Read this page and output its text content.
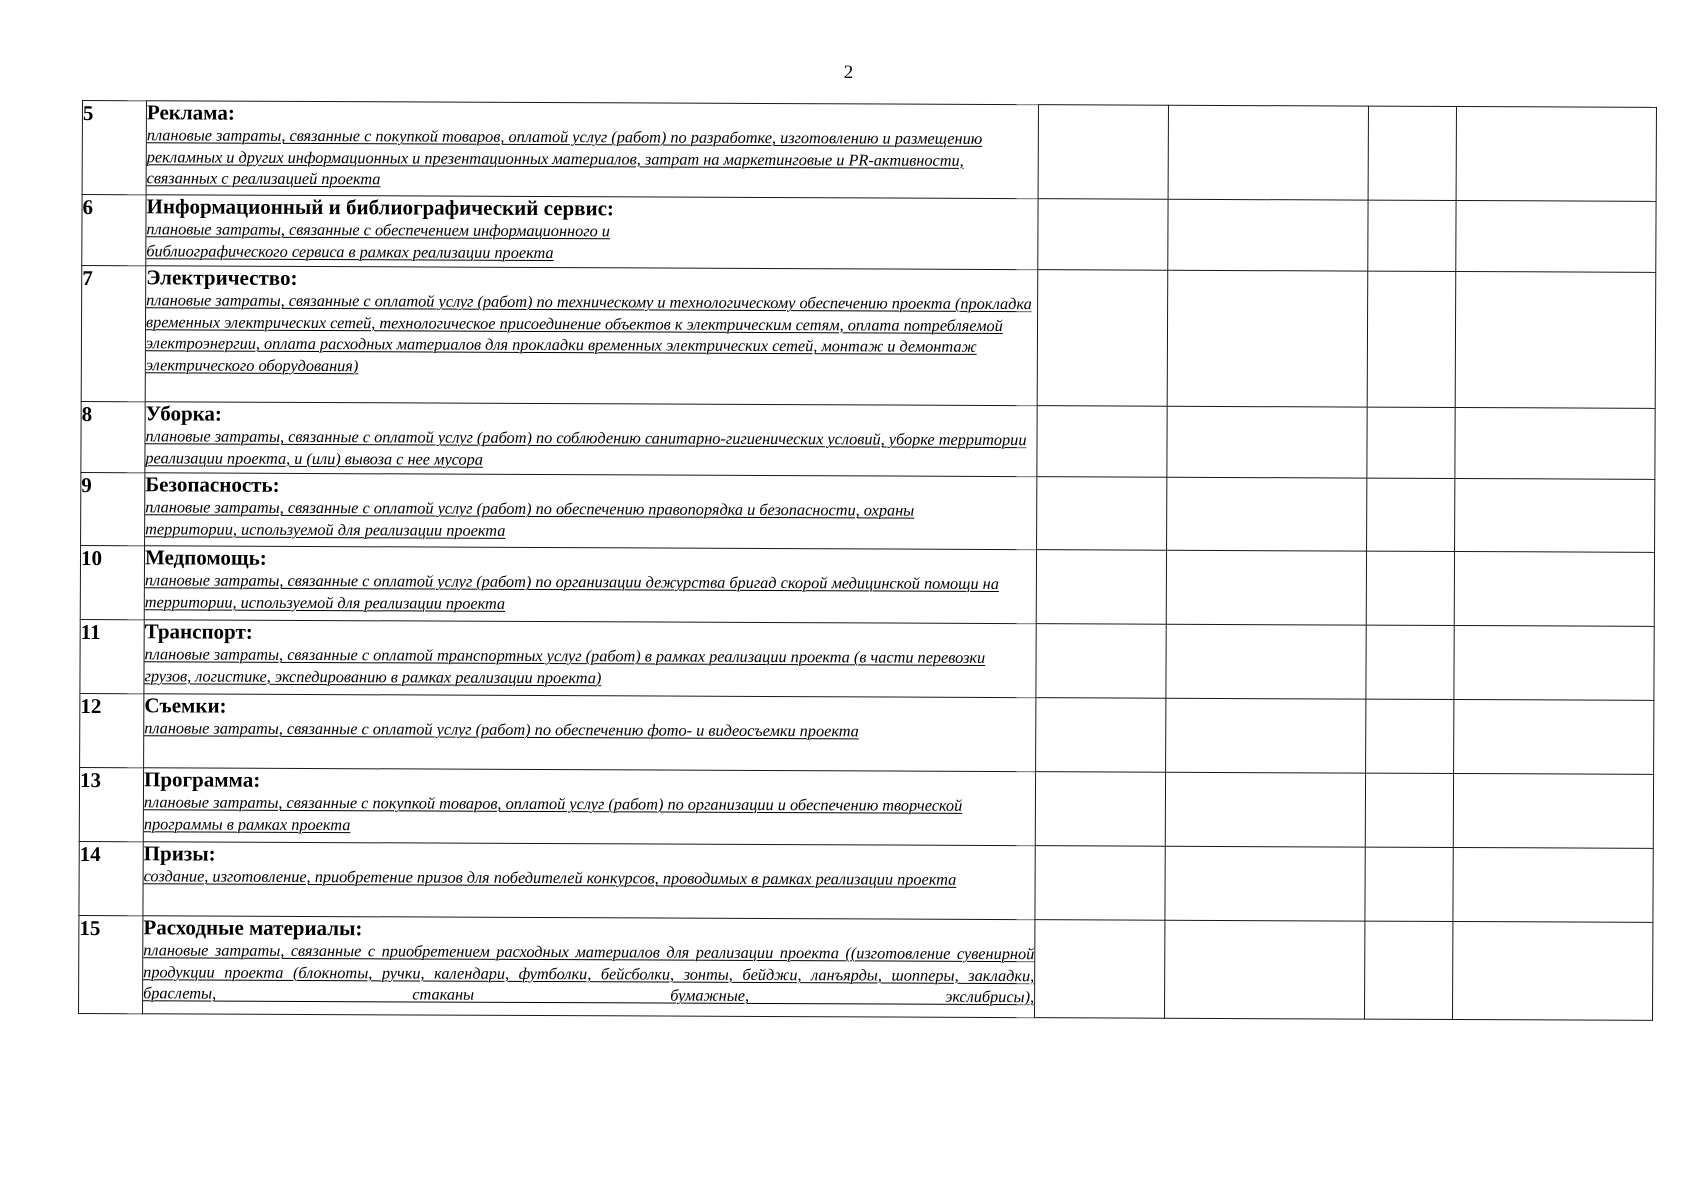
2
5	Реклама:
плановые затраты, связанные с покупкой товаров, оплатой услуг (работ) по разработке, изготовлению и размещению рекламных и других информационных и презентационных материалов, затрат на маркетинговые и PR-активности, связанных с реализацией проекта				

6	Информационный и библиографический сервис:
плановые затраты, связанные с обеспечением информационного и библиографического сервиса в рамках реализации проекта				

7	Электричество:
плановые затраты, связанные с оплатой услуг (работ) по техническому и технологическому обеспечению проекта (прокладка временных электрических сетей, технологическое присоединение объектов к электрическим сетям, оплата потребляемой электроэнергии, оплата расходных материалов для прокладки временных электрических сетей, монтаж и демонтаж электрического оборудования)				

8	Уборка:
плановые затраты, связанные с оплатой услуг (работ) по соблюдению санитарно-гигиенических условий, уборке территории реализации проекта, и (или) вывоза с нее мусора				

9	Безопасность:
плановые затраты, связанные с оплатой услуг (работ) по обеспечению правопорядка и безопасности, охраны территории, используемой для реализации проекта				

10	Медпомощь:
плановые затраты, связанные с оплатой услуг (работ) по организации дежурства бригад скорой медицинской помощи на территории, используемой для реализации проекта				

11	Транспорт:
плановые затраты, связанные с оплатой транспортных услуг (работ) в рамках реализации проекта (в части перевозки грузов, логистике, экспедированию в рамках реализации проекта)				

12	Съемки:
плановые затраты, связанные с оплатой услуг (работ) по обеспечению фото- и видеосъемки проекта				

13	Программа:
плановые затраты, связанные с покупкой товаров, оплатой услуг (работ) по организации и обеспечению творческой программы в рамках проекта				

14	Призы:
создание, изготовление, приобретение призов для победителей конкурсов, проводимых в рамках реализации проекта				

15	Расходные материалы:
плановые затраты, связанные с приобретением расходных материалов для реализации проекта ((изготовление сувенирной продукции проекта (блокноты, ручки, календари, футболки, бейсболки, зонты, бейджи, ланъярды, шопперы, закладки, браслеты, стаканы бумажные, экслибрисы),				
